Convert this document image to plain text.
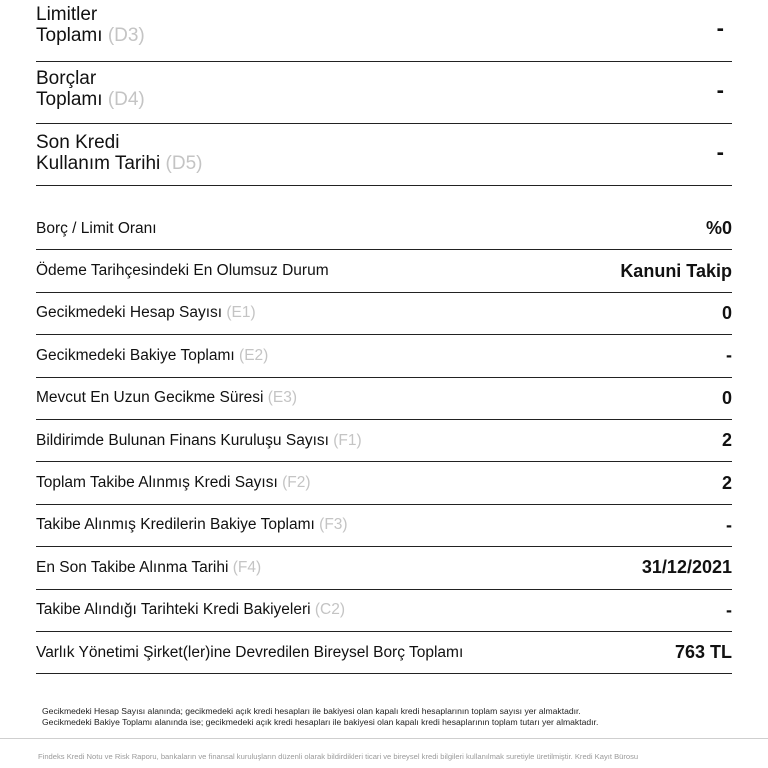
Limitler
Toplamı (D3)	-
Borçlar
Toplamı (D4)	-
Son Kredi
Kullanım Tarihi (D5)	-
Borç / Limit Oranı	%0
Ödeme Tarihçesindeki En Olumsuz Durum	Kanuni Takip
Gecikmedeki Hesap Sayısı (E1)	0
Gecikmedeki Bakiye Toplamı (E2)	-
Mevcut En Uzun Gecikme Süresi (E3)	0
Bildirimde Bulunan Finans Kuruluşu Sayısı (F1)	2
Toplam Takibe Alınmış Kredi Sayısı (F2)	2
Takibe Alınmış Kredilerin Bakiye Toplamı (F3)	-
En Son Takibe Alınma Tarihi (F4)	31/12/2021
Takibe Alındığı Tarihteki Kredi Bakiyeleri (C2)	-
Varlık Yönetimi Şirket(ler)ine Devredilen Bireysel Borç Toplamı	763 TL
Gecikmedeki Hesap Sayısı alanında; gecikmedeki açık kredi hesapları ile bakiyesi olan kapalı kredi hesaplarının toplam sayısı yer almaktadır.
Gecikmedeki Bakiye Toplamı alanında ise; gecikmedeki açık kredi hesapları ile bakiyesi olan kapalı kredi hesaplarının toplam tutarı yer almaktadır.
Findeks Kredi Notu ve Risk Raporu, bankaların ve finansal kuruluşların düzenli olarak bildirdikleri ticari ve bireysel kredi bilgileri kullanılmak suretiyle üretilmiştir. Kredi Kayıt Bürosu
